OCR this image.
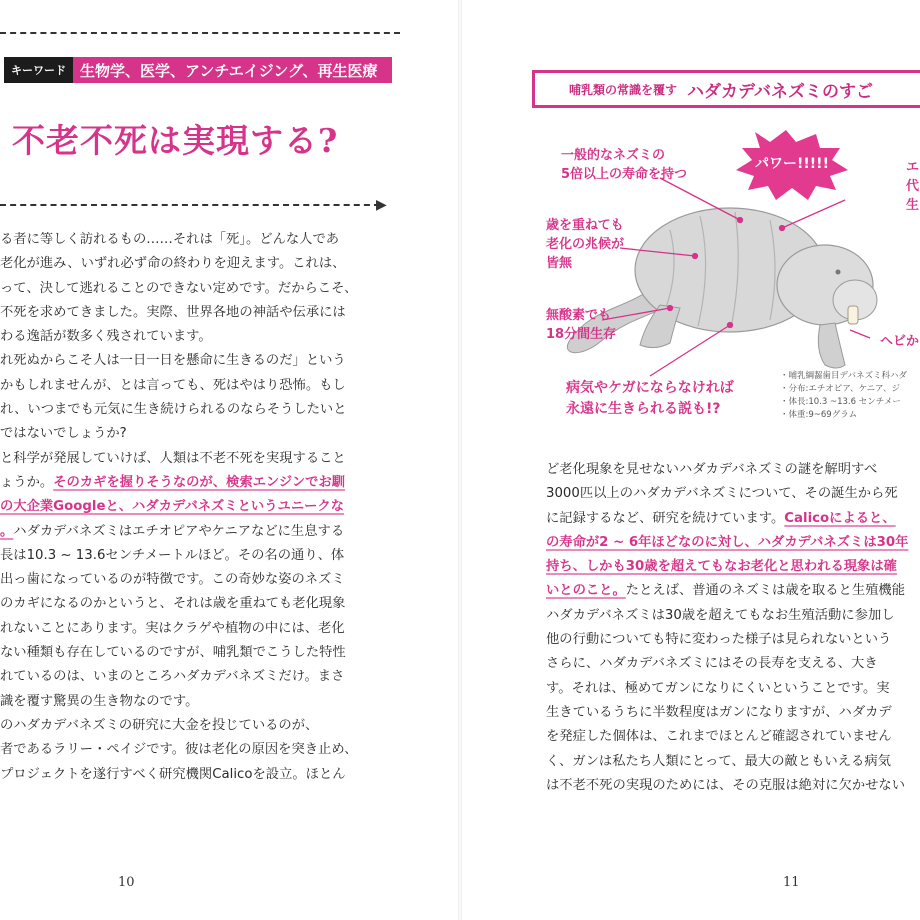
キーワード 生物学、医学、アンチエイジング、再生医療
不老不死は実現する?
▶
る者に等しく訪れるもの……それは「死」。どんな人であ
老化が進み、いずれ必ず命の終わりを迎えます。これは、
って、決して逃れることのできない定めです。だからこそ、
不死を求めてきました。実際、世界各地の神話や伝承には
わる逸話が数多く残されています。
れ死ぬからこそ人は一日一日を懸命に生きるのだ」という
かもしれませんが、とは言っても、死はやはり恐怖。もし
れ、いつまでも元気に生き続けられるのならそうしたいと
ではないでしょうか?
と科学が発展していけば、人類は不老不死を実現すること
ょうか。そのカギを握りそうなのが、検索エンジンでお馴
の大企業Googleと、ハダカデバネズミというユニークな
。ハダカデバネズミはエチオピアやケニアなどに生息する
長は10.3 ~ 13.6センチメートルほど。その名の通り、体
出っ歯になっているのが特徴です。この奇妙な姿のネズミ
のカギになるのかというと、それは歳を重ねても老化現象
れないことにあります。実はクラゲや植物の中には、老化
ない種類も存在しているのですが、哺乳類でこうした特性
れているのは、いまのところハダカデバネズミだけ。まさ
識を覆す驚異の生き物なのです。
のハダカデバネズミの研究に大金を投じているのが、
者であるラリー・ペイジです。彼は老化の原因を突き止め、
プロジェクトを遂行すべく研究機関Calicoを設立。ほとん
10
哺乳類の常識を覆す ハダカデバネズミのすご
パワー!!!!!
一般的なネズミの
5倍以上の寿命を持つ
歳を重ねても
老化の兆候が
皆無
無酸素でも
18分間生存
病気やケガにならなければ
永遠に生きられる説も!?
エ
代
生
ヘビか
・哺乳綱齧歯目デバネズミ科ハダ
・分布:エチオピア、ケニア、ジ
・体長:10.3 ~13.6 センチメー
・体重:9~69グラム
ど老化現象を見せないハダカデバネズミの謎を解明すべ
3000匹以上のハダカデバネズミについて、その誕生から死
に記録するなど、研究を続けています。Calicoによると、
の寿命が2 ~ 6年ほどなのに対し、ハダカデバネズミは30年
持ち、しかも30歳を超えてもなお老化と思われる現象は確
いとのこと。たとえば、普通のネズミは歳を取ると生殖機能
ハダカデバネズミは30歳を超えてもなお生殖活動に参加し
他の行動についても特に変わった様子は見られないという
さらに、ハダカデバネズミにはその長寿を支える、大き
す。それは、極めてガンになりにくいということです。実
生きているうちに半数程度はガンになりますが、ハダカデ
を発症した個体は、これまでほとんど確認されていません
く、ガンは私たち人類にとって、最大の敵ともいえる病気
は不老不死の実現のためには、その克服は絶対に欠かせない
11
